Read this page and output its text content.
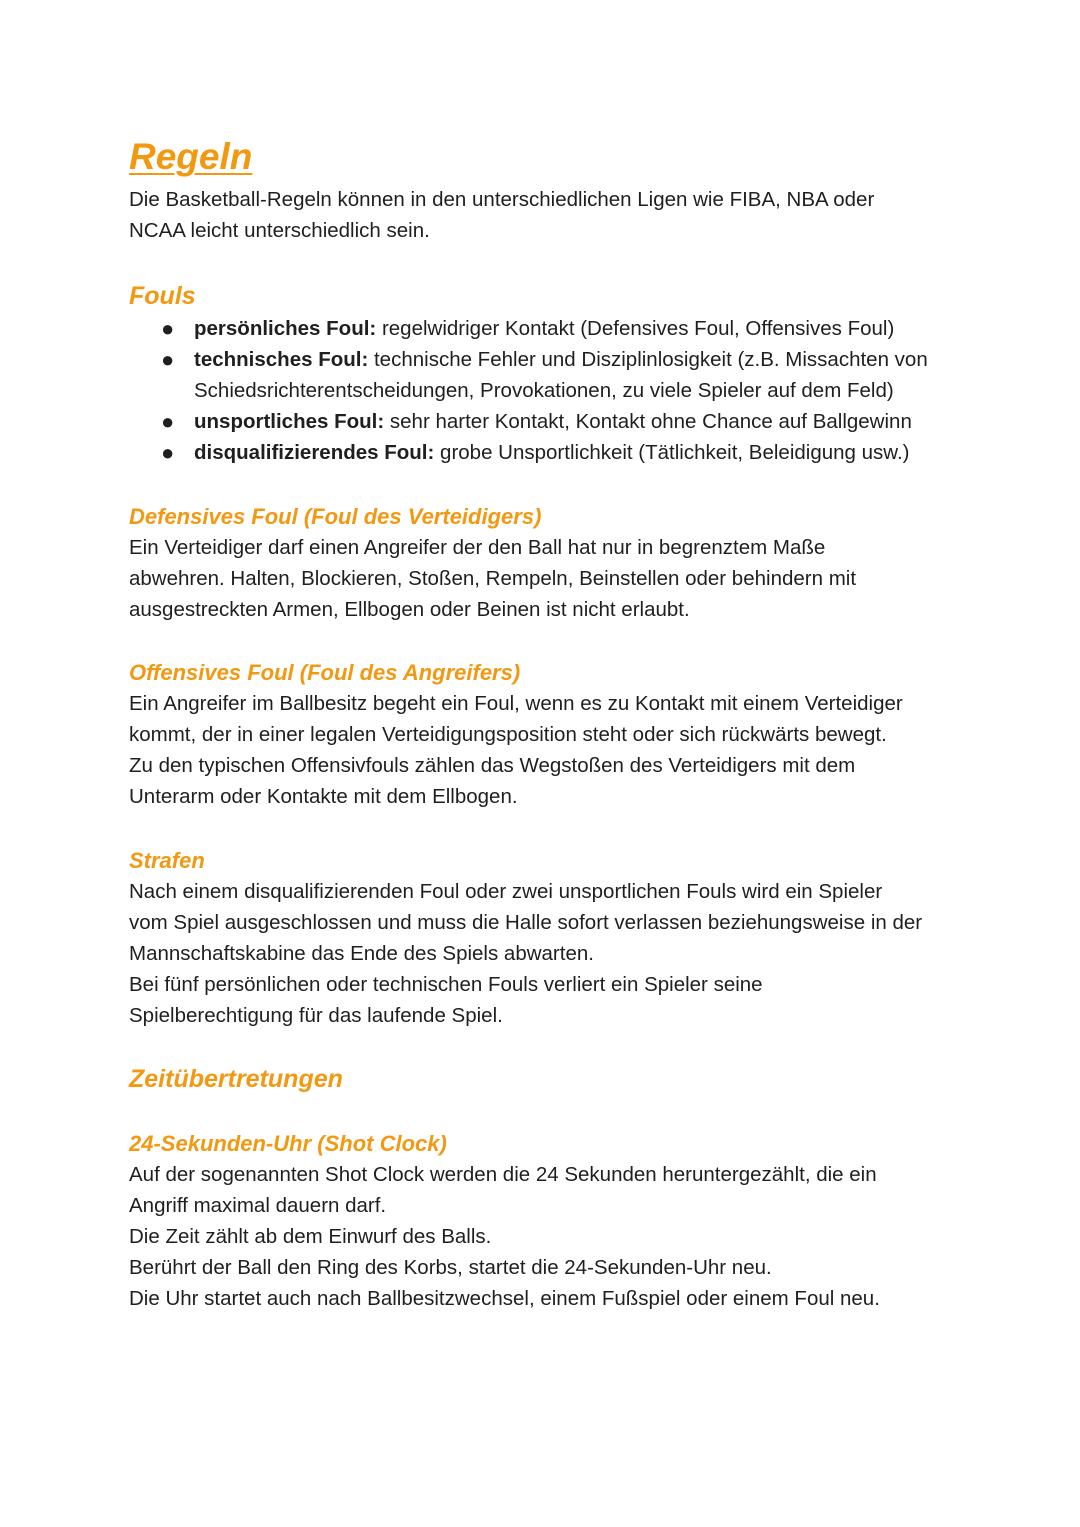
Regeln

Die Basketball-Regeln können in den unterschiedlichen Ligen wie FIBA, NBA oder
NCAA leicht unterschiedlich sein.

Fouls
● persönliches Foul: regelwidriger Kontakt (Defensives Foul, Offensives Foul)
● technisches Foul: technische Fehler und Disziplinlosigkeit (z.B. Missachten von
Schiedsrichterentscheidungen, Provokationen, zu viele Spieler auf dem Feld)
● unsportliches Foul: sehr harter Kontakt, Kontakt ohne Chance auf Ballgewinn
● disqualifizierendes Foul: grobe Unsportlichkeit (Tätlichkeit, Beleidigung usw.)
Defensives Foul (Foul des Verteidigers)

Ein Verteidiger darf einen Angreifer der den Ball hat nur in begrenztem Maße
abwehren. Halten, Blockieren, Stoßen, Rempeln, Beinstellen oder behindern mit
ausgestreckten Armen, Ellbogen oder Beinen ist nicht erlaubt.

Offensives Foul (Foul des Angreifers)

Ein Angreifer im Ballbesitz begeht ein Foul, wenn es zu Kontakt mit einem Verteidiger
kommt, der in einer legalen Verteidigungsposition steht oder sich rückwärts bewegt.
Zu den typischen Offensivfouls zählen das Wegstoßen des Verteidigers mit dem
Unterarm oder Kontakte mit dem Ellbogen.

Strafen

Nach einem disqualifizierenden Foul oder zwei unsportlichen Fouls wird ein Spieler
vom Spiel ausgeschlossen und muss die Halle sofort verlassen beziehungsweise in der
Mannschaftskabine das Ende des Spiels abwarten.
Bei fünf persönlichen oder technischen Fouls verliert ein Spieler seine
Spielberechtigung für das laufende Spiel.

Zeitübertretungen
24-Sekunden-Uhr (Shot Clock)

Auf der sogenannten Shot Clock werden die 24 Sekunden heruntergezählt, die ein
Angriff maximal dauern darf.
Die Zeit zählt ab dem Einwurf des Balls.
Berührt der Ball den Ring des Korbs, startet die 24-Sekunden-Uhr neu.
Die Uhr startet auch nach Ballbesitzwechsel, einem Fußspiel oder einem Foul neu.
